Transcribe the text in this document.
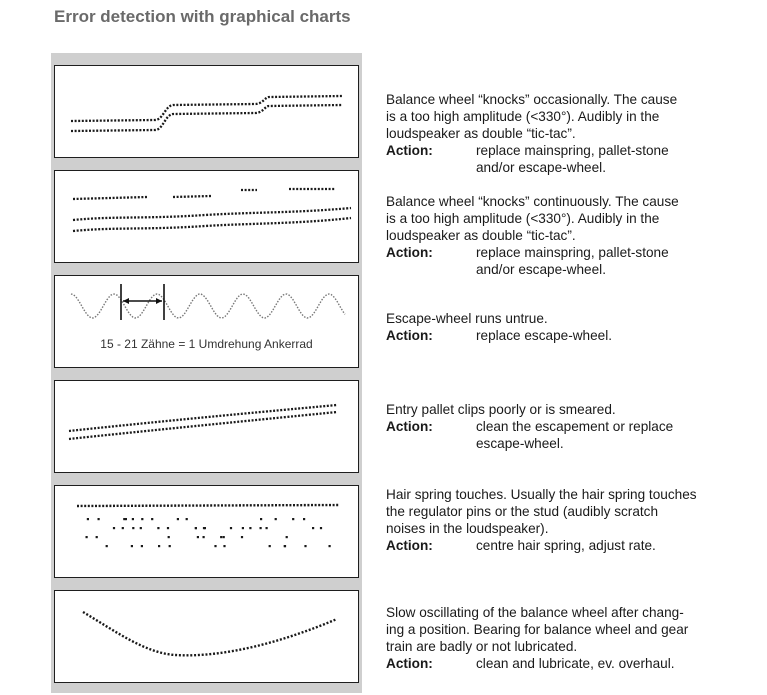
Error detection with graphical charts
Balance wheel “knocks” occasionally. The cause
is a too high amplitude (<330°). Audibly in the
loudspeaker as double “tic-tac”.
Action:	replace mainspring, pallet-stone
and/or escape-wheel.
Balance wheel “knocks” continuously. The cause
is a too high amplitude (<330°). Audibly in the
loudspeaker as double “tic-tac”.
Action:	replace mainspring, pallet-stone
and/or escape-wheel.
15 - 21 Zähne = 1 Umdrehung Ankerrad
Escape-wheel runs untrue.
Action:	replace escape-wheel.
Entry pallet clips poorly or is smeared.
Action:	clean the escapement or replace
escape-wheel.
Hair spring touches. Usually the hair spring touches
the regulator pins or the stud (audibly scratch
noises in the loudspeaker).
Action:	centre hair spring, adjust rate.
Slow oscillating of the balance wheel after chang-
ing a position. Bearing for balance wheel and gear
train are badly or not lubricated.
Action:	clean and lubricate, ev. overhaul.
